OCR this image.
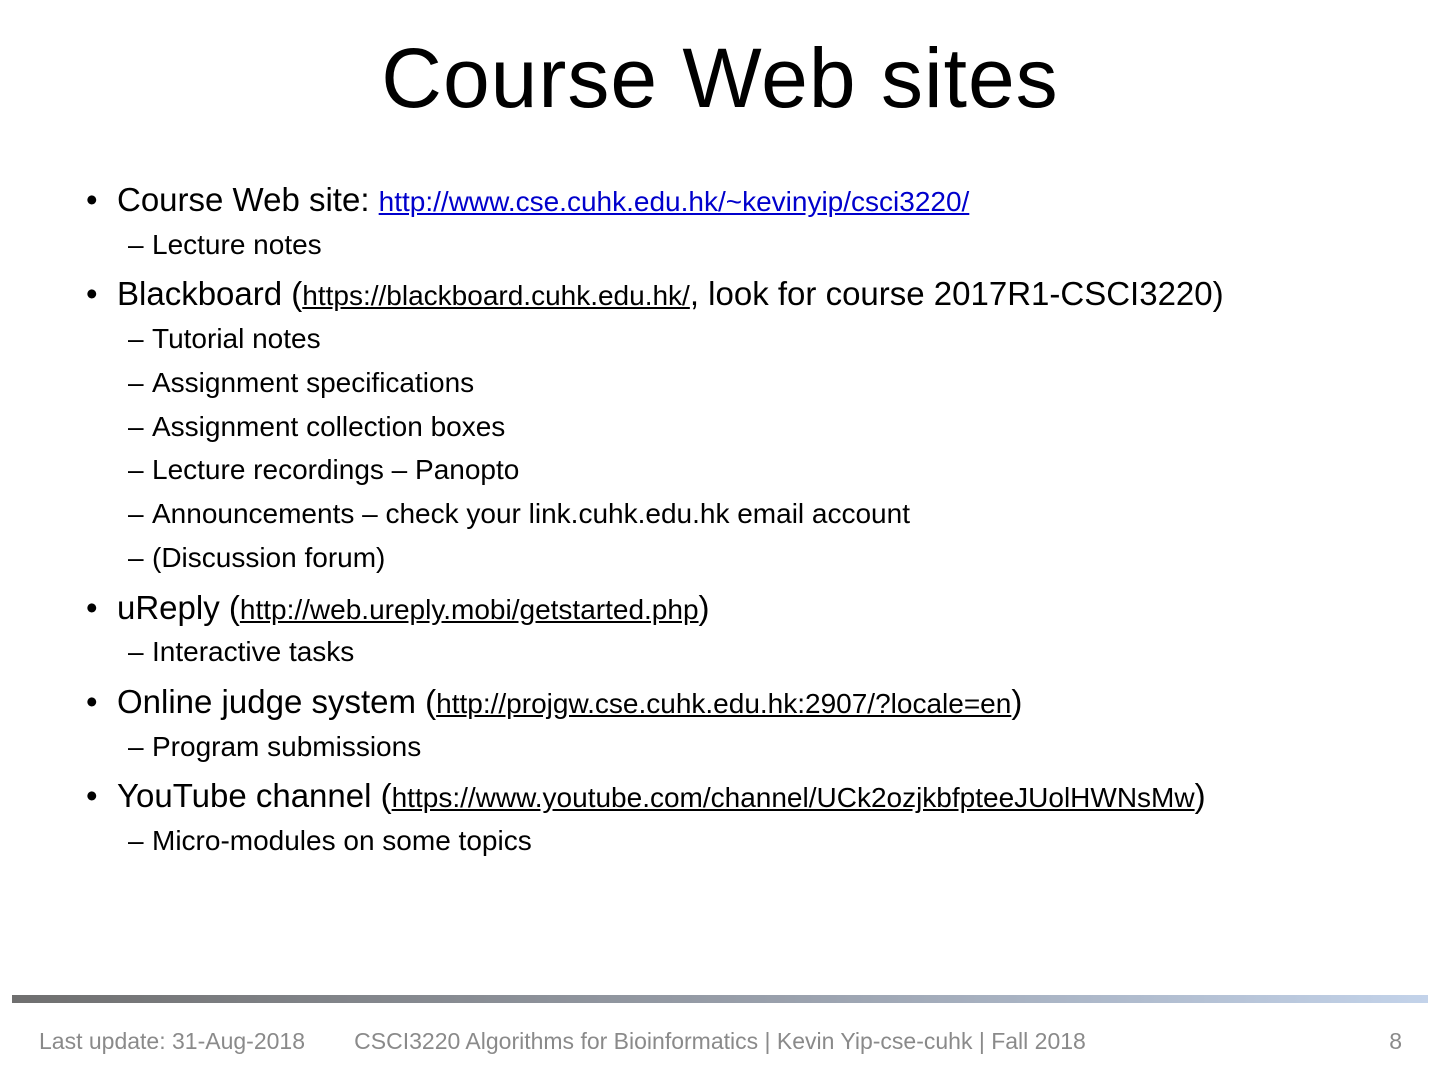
Course Web sites
• Course Web site: http://www.cse.cuhk.edu.hk/~kevinyip/csci3220/
– Lecture notes
• Blackboard (https://blackboard.cuhk.edu.hk/, look for course 2017R1-CSCI3220)
– Tutorial notes
– Assignment specifications
– Assignment collection boxes
– Lecture recordings – Panopto
– Announcements – check your link.cuhk.edu.hk email account
– (Discussion forum)
• uReply (http://web.ureply.mobi/getstarted.php)
– Interactive tasks
• Online judge system (http://projgw.cse.cuhk.edu.hk:2907/?locale=en)
– Program submissions
• YouTube channel (https://www.youtube.com/channel/UCk2ozjkbfpteeJUolHWNsMw)
– Micro-modules on some topics
Last update: 31-Aug-2018	CSCI3220 Algorithms for Bioinformatics | Kevin Yip-cse-cuhk | Fall 2018	8
